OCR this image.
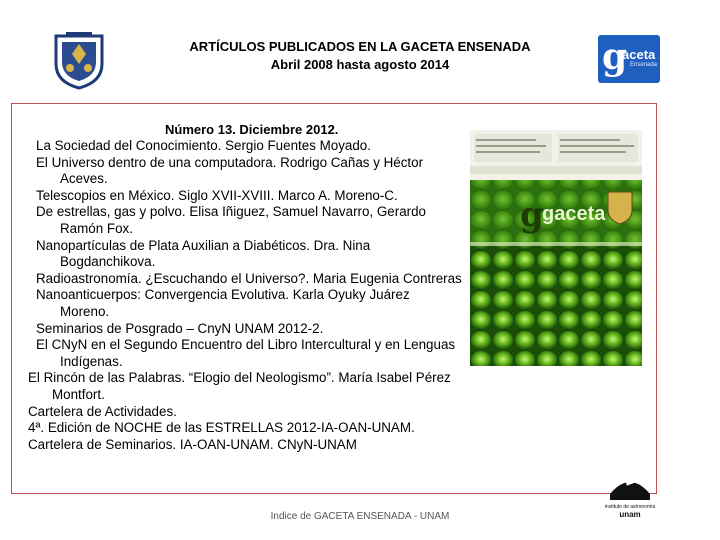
ARTÍCULOS PUBLICADOS EN LA GACETA ENSENADA
Abril 2008 hasta agosto 2014	g
aceta
Ensenada
Número 13. Diciembre 2012.
La Sociedad del Conocimiento. Sergio Fuentes Moyado.
El Universo dentro de una computadora. Rodrigo Cañas y Héctor Aceves.
Telescopios en México. Siglo XVII-XVIII. Marco A. Moreno-C.
De estrellas, gas y polvo. Elisa Iñiguez, Samuel Navarro, Gerardo Ramón Fox.
Nanopartículas de Plata Auxilian a Diabéticos. Dra. Nina Bogdanchikova.
Radioastronomía. ¿Escuchando el Universo?. Maria Eugenia Contreras
Nanoanticuerpos: Convergencia Evolutiva. Karla Oyuky Juárez Moreno.
Seminarios de Posgrado – CnyN UNAM 2012-2.
El CNyN en el Segundo Encuentro del Libro Intercultural y en Lenguas Indígenas.
El Rincón de las Palabras. “Elogio del Neologismo”. María Isabel Pérez Montfort.
Cartelera de Actividades.
4ª. Edición de NOCHE de las ESTRELLAS 2012-IA-OAN-UNAM.
Cartelera de Seminarios. IA-OAN-UNAM. CNyN-UNAM
g
gaceta
instituto de astronomía
unam
Indice de GACETA ENSENADA - UNAM
